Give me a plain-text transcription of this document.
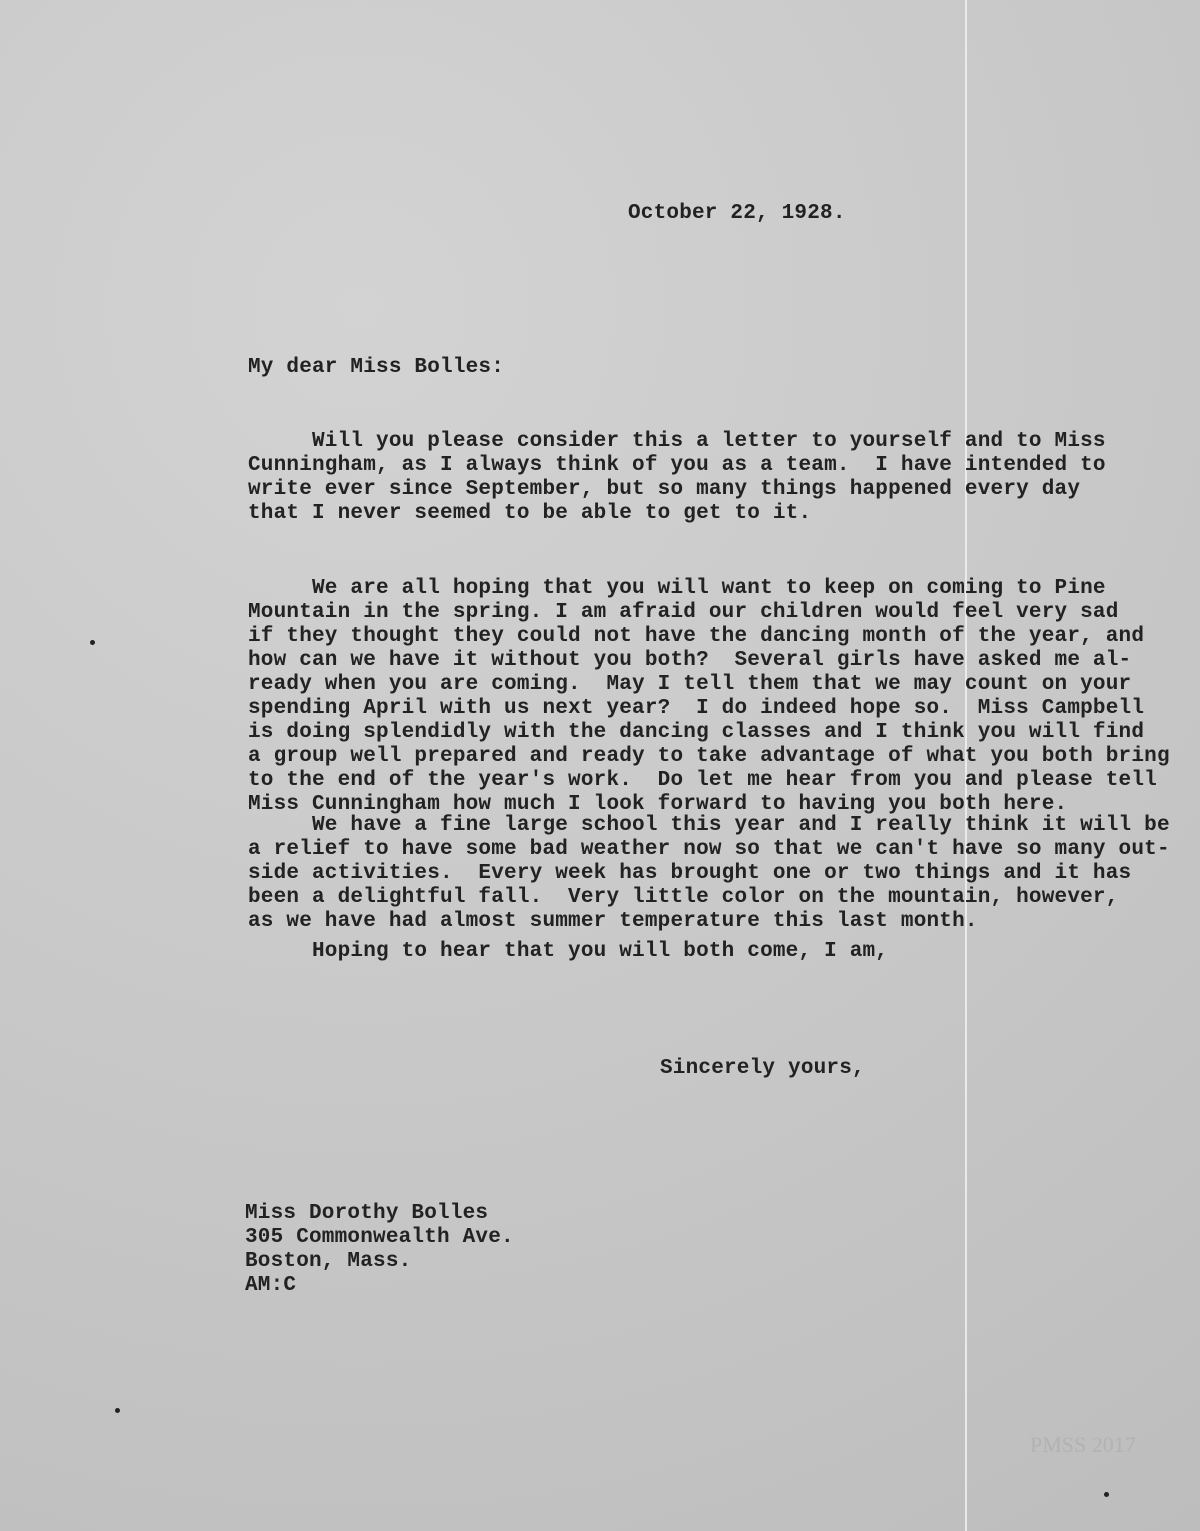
October 22, 1928.
My dear Miss Bolles:

Will you please consider this a letter to yourself and to Miss
Cunningham, as I always think of you as a team.  I have intended to
write ever since September, but so many things happened every day
that I never seemed to be able to get to it.

We are all hoping that you will want to keep on coming to Pine
Mountain in the spring. I am afraid our children would feel very sad
if they thought they could not have the dancing month of the year, and
how can we have it without you both?  Several girls have asked me al-
ready when you are coming.  May I tell them that we may count on your
spending April with us next year?  I do indeed hope so.  Miss Campbell
is doing splendidly with the dancing classes and I think you will find
a group well prepared and ready to take advantage of what you both bring
to the end of the year's work.  Do let me hear from you and please tell
Miss Cunningham how much I look forward to having you both here.

We have a fine large school this year and I really think it will be
a relief to have some bad weather now so that we can't have so many out-
side activities.  Every week has brought one or two things and it has
been a delightful fall.  Very little color on the mountain, however,
as we have had almost summer temperature this last month.
Hoping to hear that you will both come, I am,
Sincerely yours,

Miss Dorothy Bolles
305 Commonwealth Ave.
Boston, Mass.
AM:C
PMSS 2017
